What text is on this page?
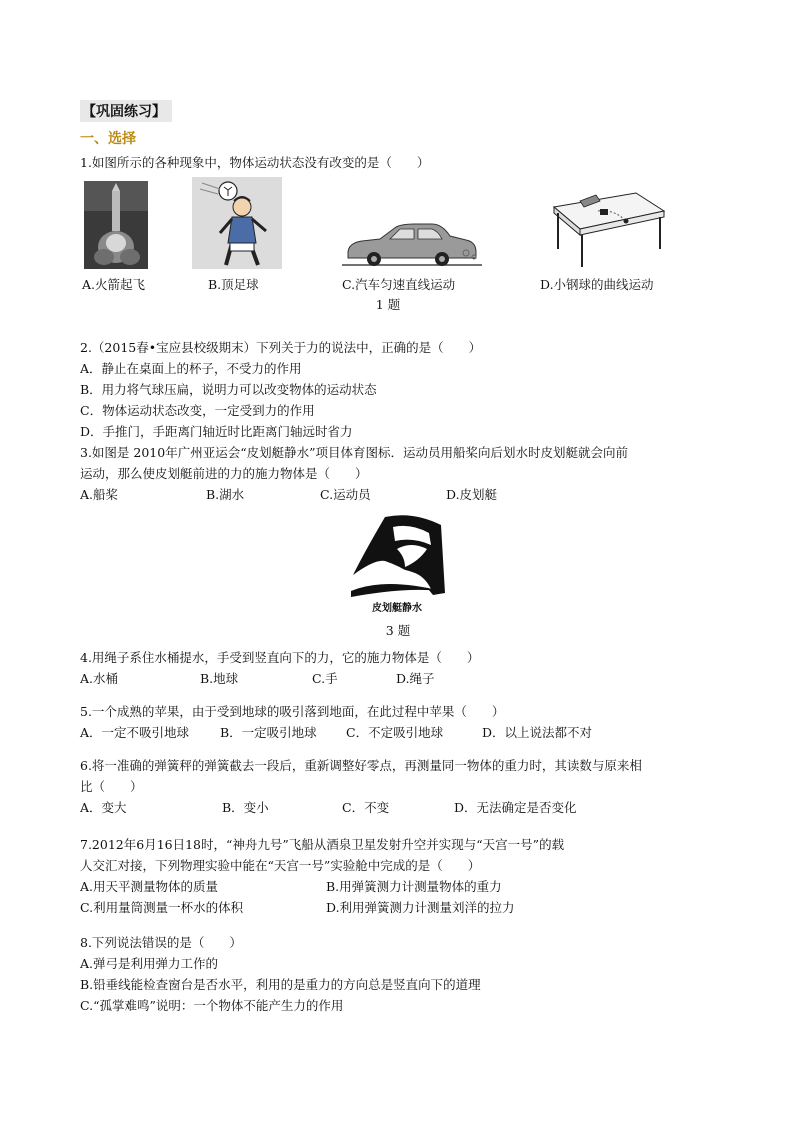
【巩固练习】
一、选择
1.如图所示的各种现象中，物体运动状态没有改变的是（　　）
A.火箭起飞	B.顶足球	C.汽车匀速直线运动	D.小钢球的曲线运动
1 题
2.（2015春•宝应县校级期末）下列关于力的说法中，正确的是（　　）
A．静止在桌面上的杯子，不受力的作用
B．用力将气球压扁，说明力可以改变物体的运动状态
C．物体运动状态改变，一定受到力的作用
D．手推门，手距离门轴近时比距离门轴远时省力
3.如图是 2010年广州亚运会“皮划艇静水”项目体育图标．运动员用船桨向后划水时皮划艇就会向前
运动，那么使皮划艇前进的力的施力物体是（　　）
A.船桨	B.湖水	C.运动员	D.皮划艇
皮划艇静水
3 题
4.用绳子系住水桶提水，手受到竖直向下的力，它的施力物体是（　　）
A.水桶	B.地球	C.手	D.绳子
5.一个成熟的苹果，由于受到地球的吸引落到地面，在此过程中苹果（　　）
A．一定不吸引地球	B．一定吸引地球	C．不定吸引地球	D．以上说法都不对
6.将一准确的弹簧秤的弹簧截去一段后，重新调整好零点，再测量同一物体的重力时，其读数与原来相
比（　　）
A．变大	B．变小	C．不变	D．无法确定是否变化
7.2012年6月16日18时，“神舟九号”飞船从酒泉卫星发射升空并实现与“天宫一号”的载
人交汇对接，下列物理实验中能在“天宫一号”实验舱中完成的是（　　）
A.用天平测量物体的质量	B.用弹簧测力计测量物体的重力
C.利用量筒测量一杯水的体积	D.利用弹簧测力计测量刘洋的拉力
8.下列说法错误的是（　　）
A.弹弓是利用弹力工作的
B.铅垂线能检查窗台是否水平，利用的是重力的方向总是竖直向下的道理
C.“孤掌难鸣”说明：一个物体不能产生力的作用
